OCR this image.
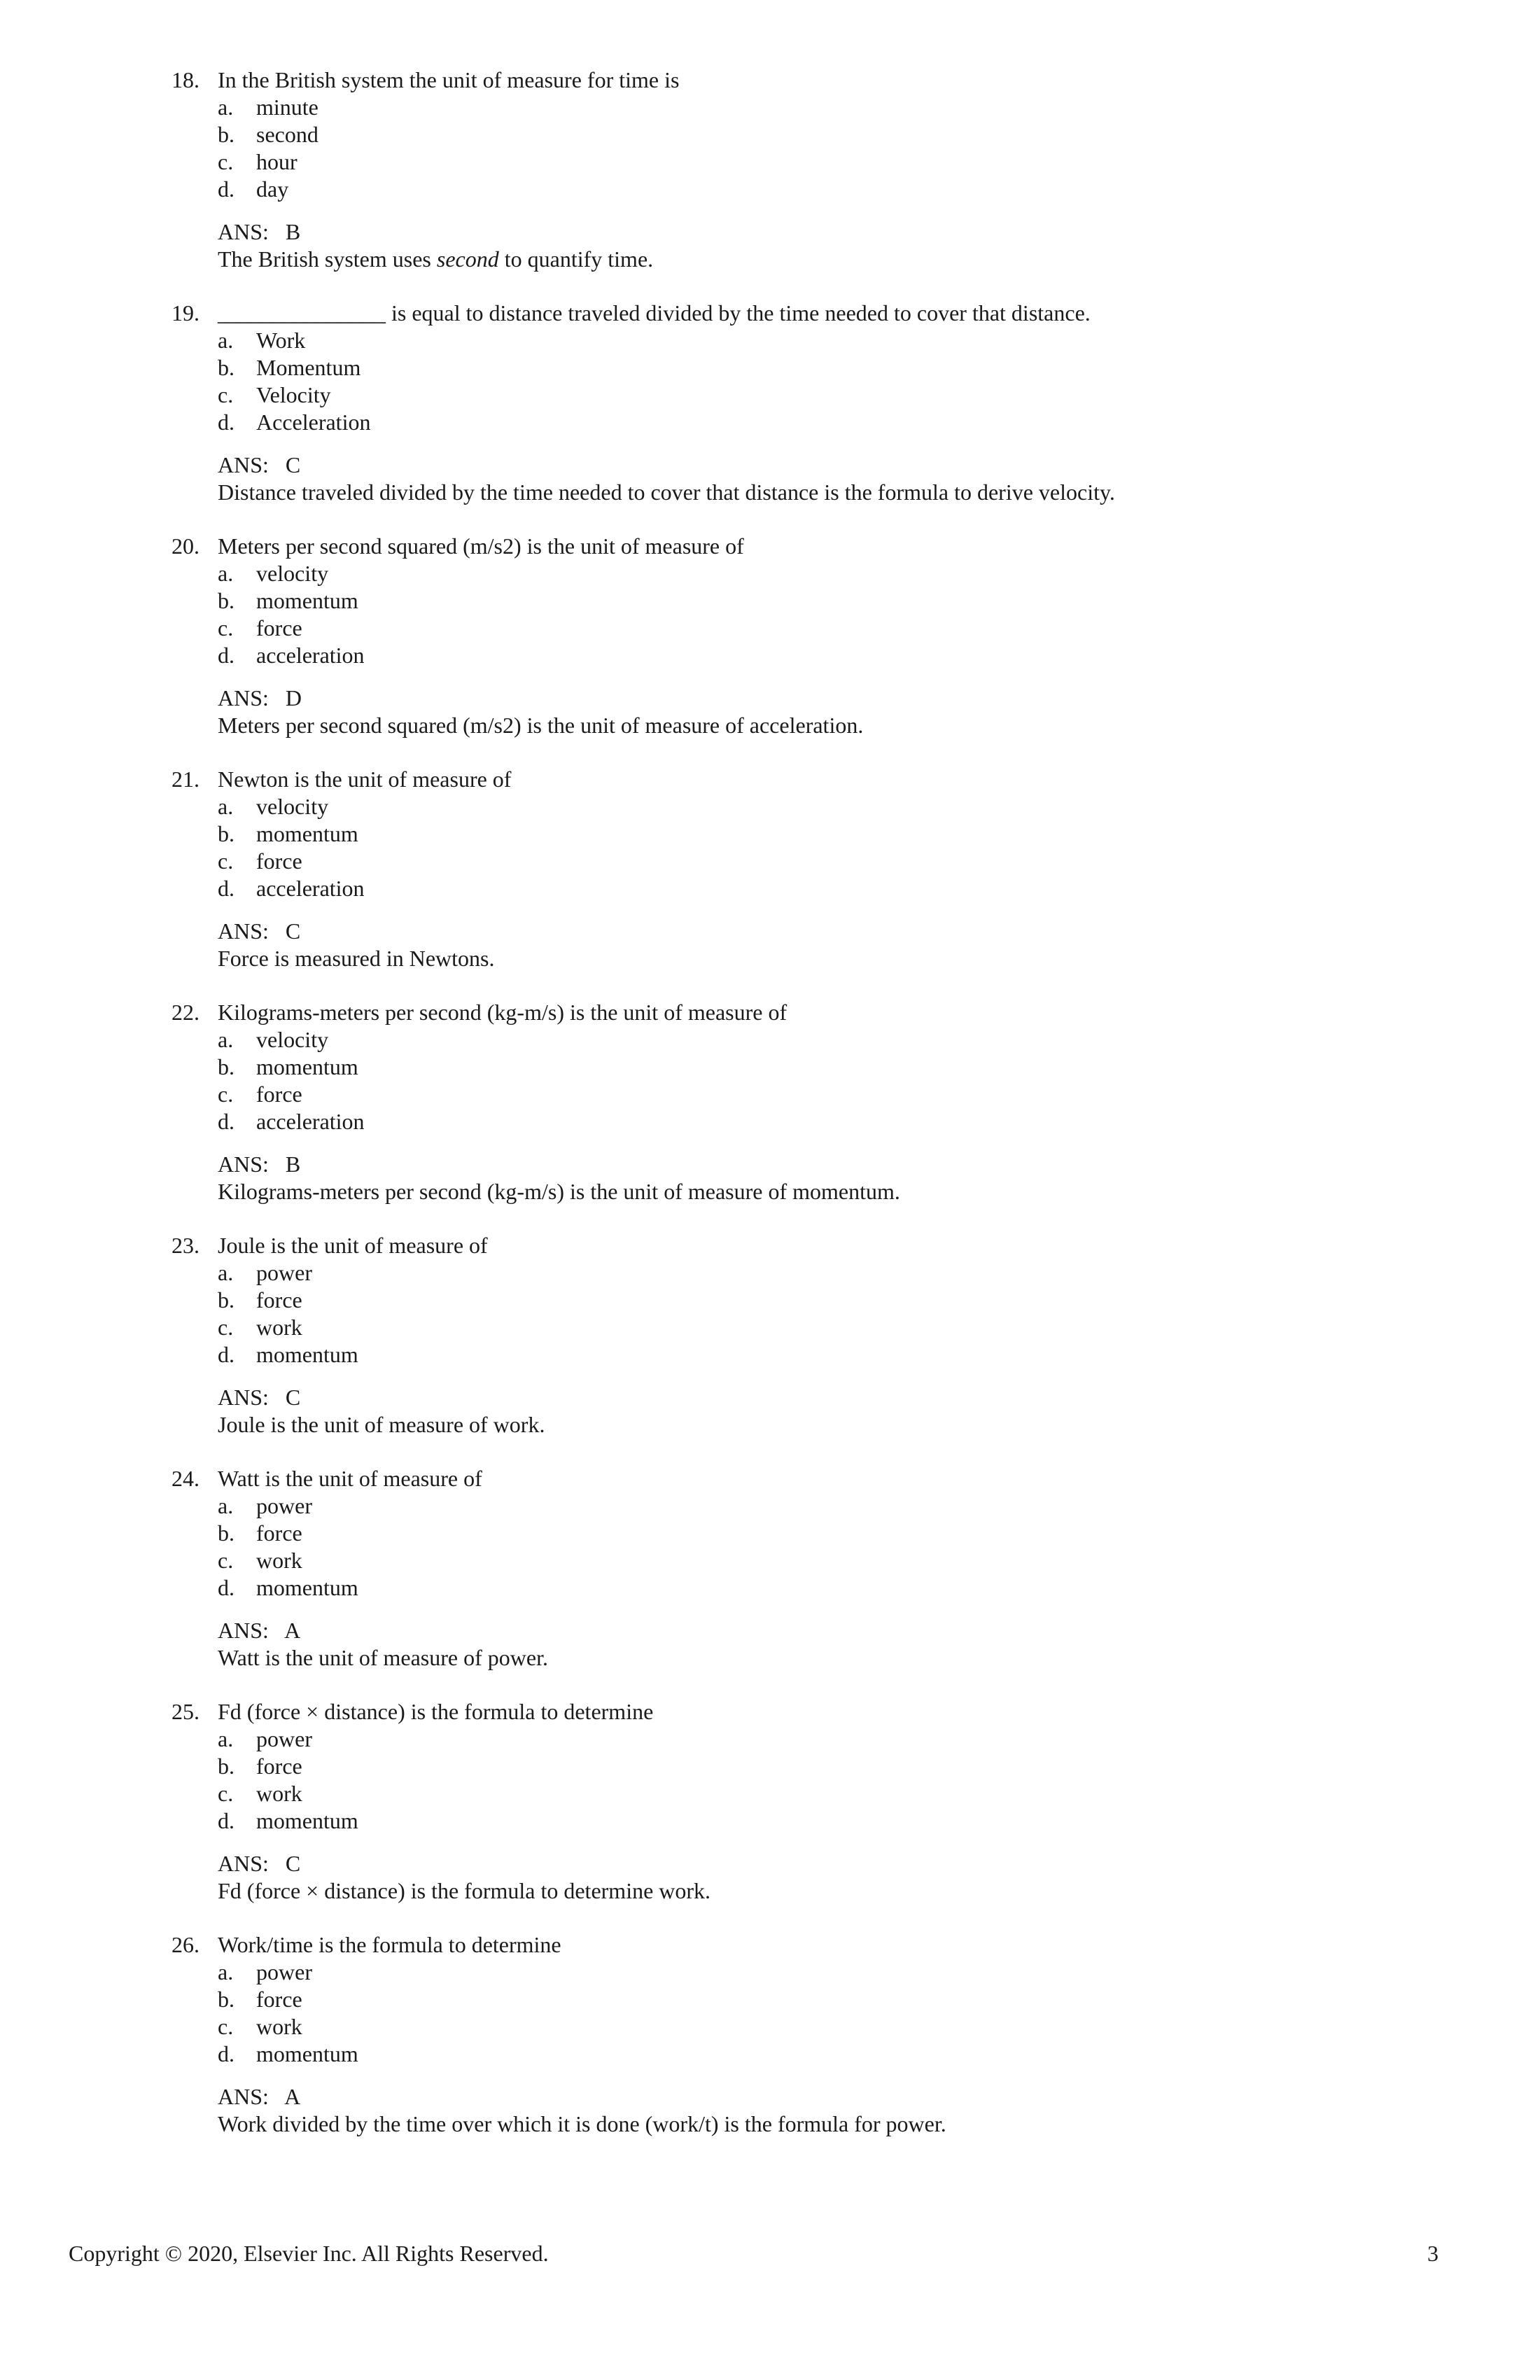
18. In the British system the unit of measure for time is
a.	minute
b. second
c.	hour
d. day
ANS:   B
The British system uses second to quantify time.
19. _______________ is equal to distance traveled divided by the time needed to cover that distance.
a.	Work
b. Momentum
c.	Velocity
d. Acceleration
ANS:   C
Distance traveled divided by the time needed to cover that distance is the formula to derive velocity.
20. Meters per second squared (m/s2) is the unit of measure of
a.	velocity
b. momentum
c.	force
d. acceleration
ANS:   D
Meters per second squared (m/s2) is the unit of measure of acceleration.
21. Newton is the unit of measure of
a.	velocity
b. momentum
c.	force
d. acceleration
ANS:   C
Force is measured in Newtons.
22. Kilograms-meters per second (kg-m/s) is the unit of measure of
a.	velocity
b. momentum
c.	force
d. acceleration
ANS:   B
Kilograms-meters per second (kg-m/s) is the unit of measure of momentum.
23. Joule is the unit of measure of
a.	power
b. force
c.	work
d. momentum
ANS:   C
Joule is the unit of measure of work.
24. Watt is the unit of measure of
a.	power
b. force
c.	work
d. momentum
ANS:   A
Watt is the unit of measure of power.
25. Fd (force × distance) is the formula to determine
a.	power
b. force
c.	work
d. momentum
ANS:   C
Fd (force × distance) is the formula to determine work.
26. Work/time is the formula to determine
a.	power
b. force
c.	work
d. momentum
ANS:   A
Work divided by the time over which it is done (work/t) is the formula for power.
Copyright © 2020, Elsevier Inc. All Rights Reserved.	3
